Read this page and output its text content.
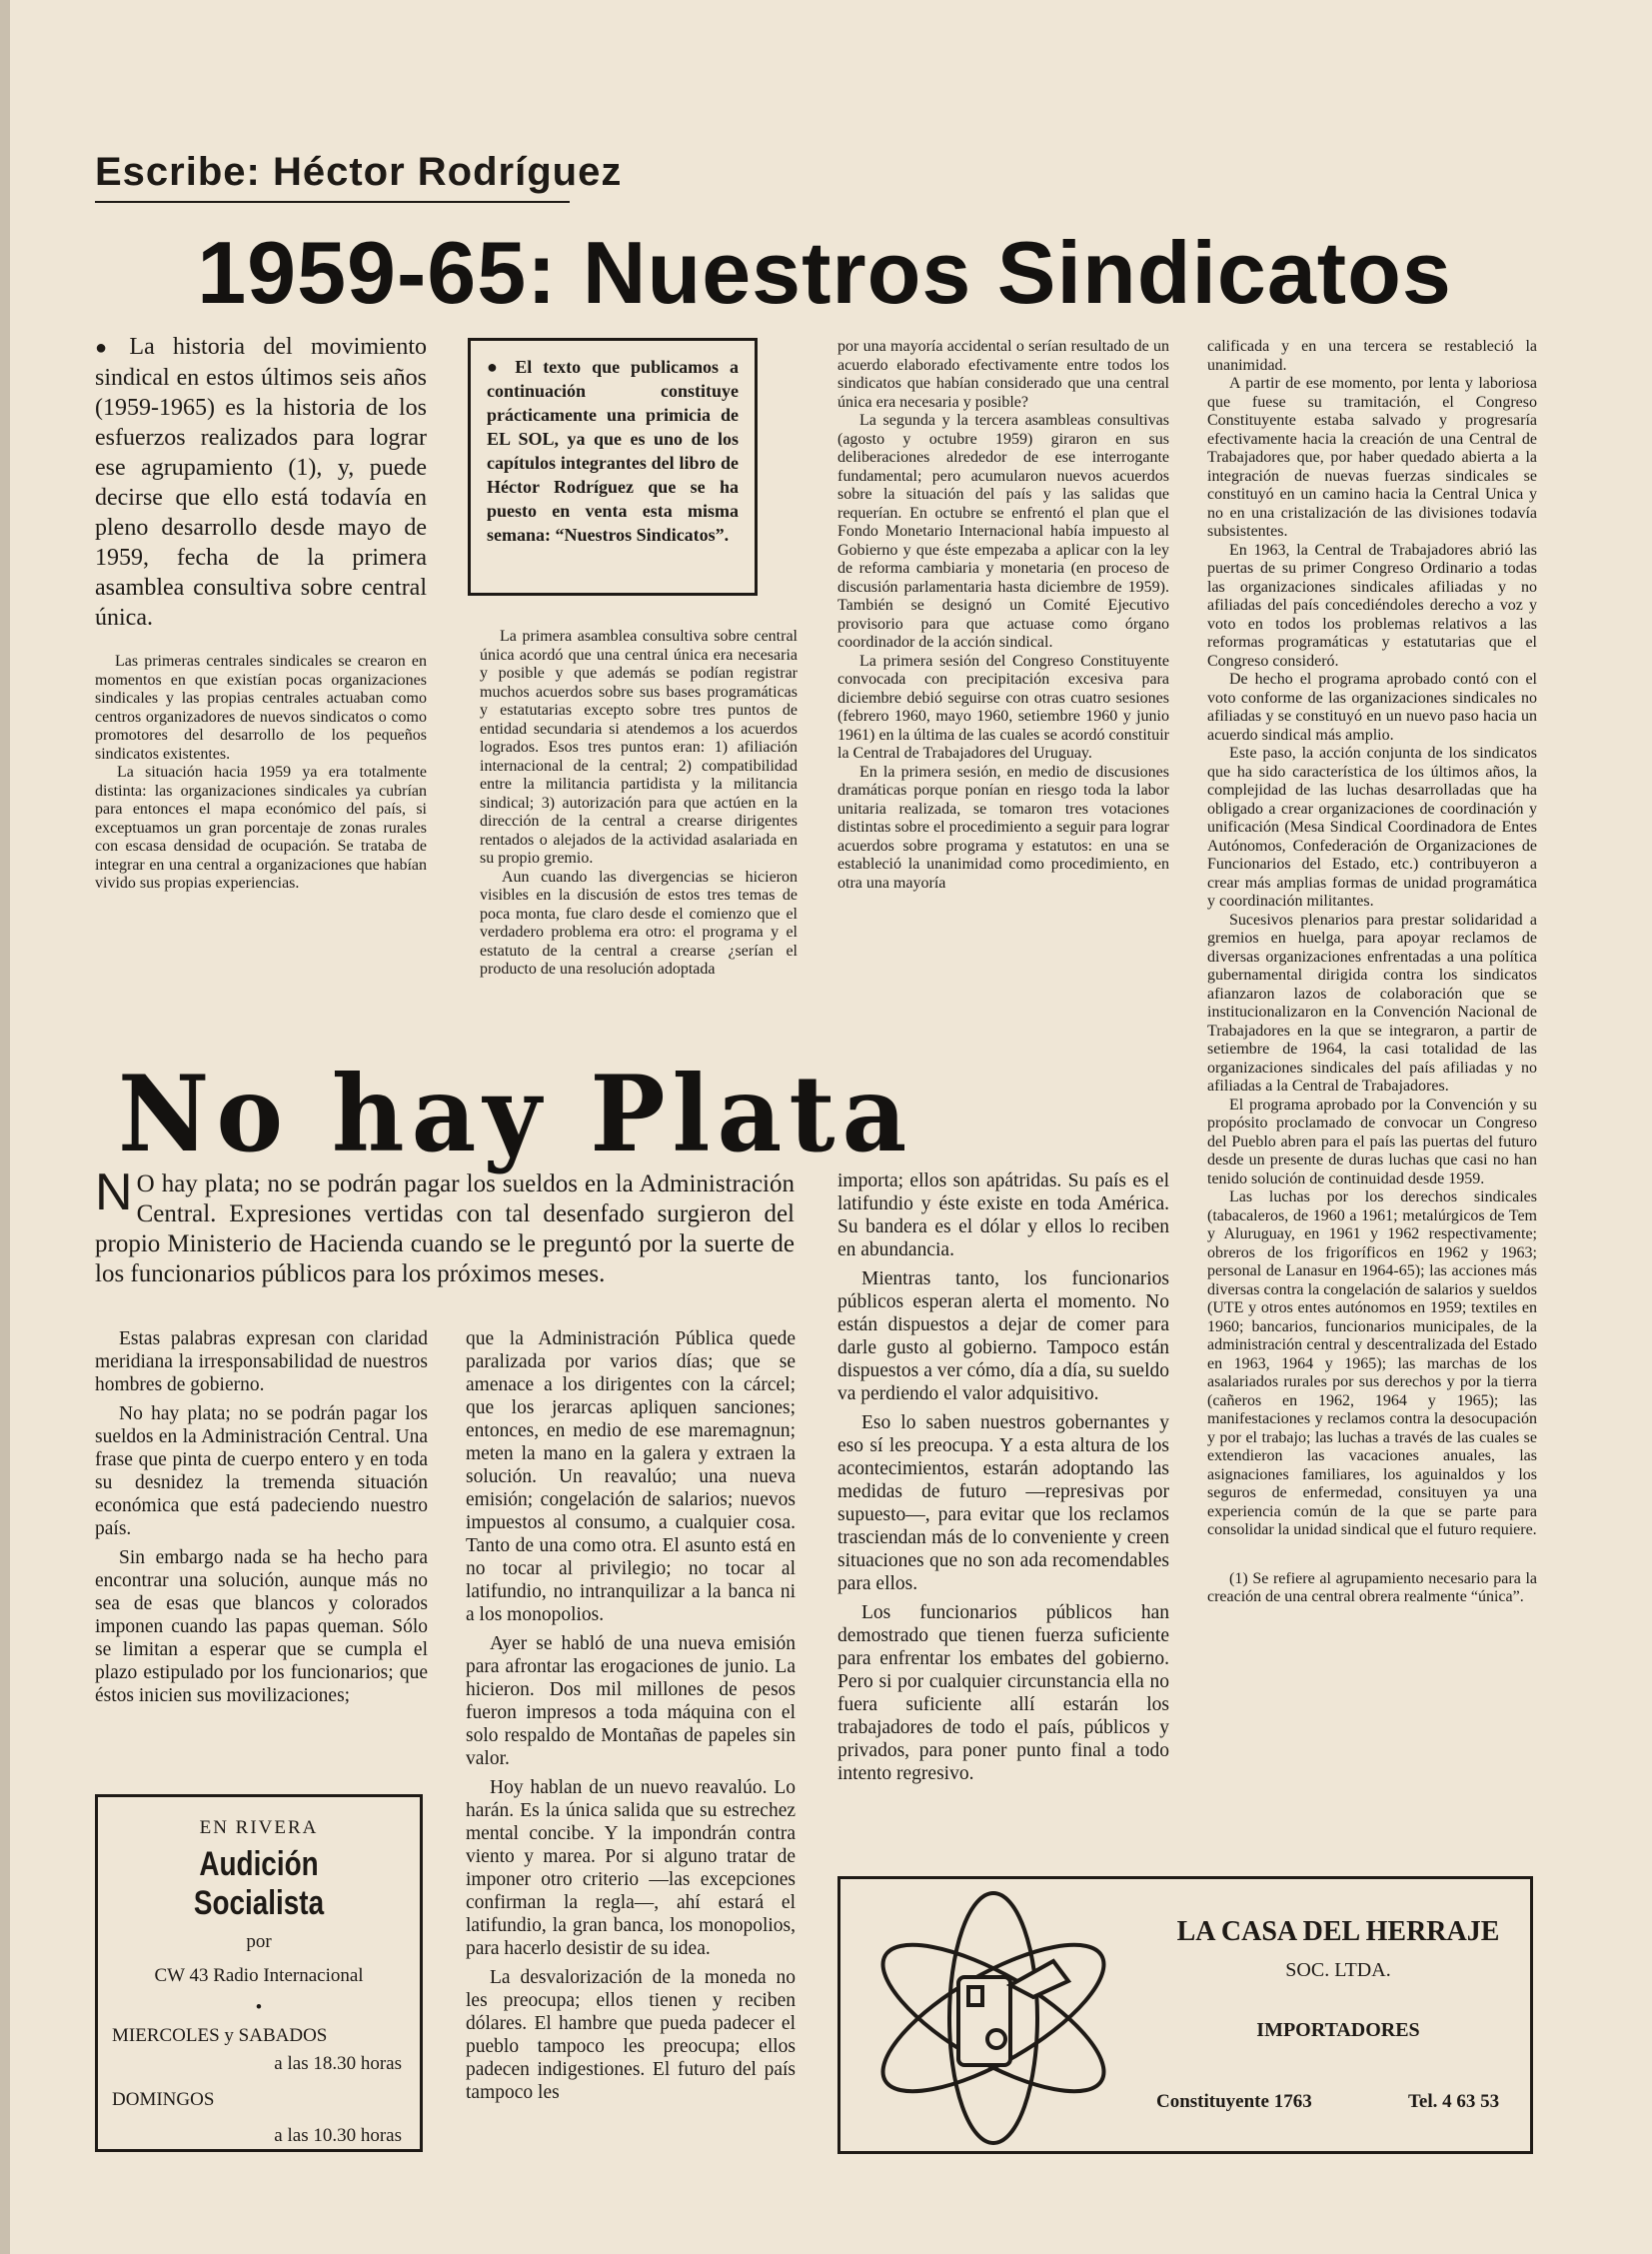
Escribe: Héctor Rodríguez
1959-65: Nuestros Sindicatos
● La historia del movimiento sindical en estos últimos seis años (1959-1965) es la historia de los esfuerzos realizados para lograr ese agrupamiento (1), y, puede decirse que ello está todavía en pleno desarrollo desde mayo de 1959, fecha de la primera asamblea consultiva sobre central única.

Las primeras centrales sindicales se crearon en momentos en que existían pocas organizaciones sindicales y las propias centrales actuaban como centros organizadores de nuevos sindicatos o como promotores del desarrollo de los pequeños sindicatos existentes.

La situación hacia 1959 ya era totalmente distinta: las organizaciones sindicales ya cubrían para entonces el mapa económico del país, si exceptuamos un gran porcentaje de zonas rurales con escasa densidad de ocupación. Se trataba de integrar en una central a organizaciones que habían vivido sus propias experiencias.

● El texto que publicamos a continuación constituye prácticamente una primicia de EL SOL, ya que es uno de los capítulos integrantes del libro de Héctor Rodríguez que se ha puesto en venta esta misma semana: “Nuestros Sindicatos”.

La primera asamblea consultiva sobre central única acordó que una central única era necesaria y posible y que además se podían registrar muchos acuerdos sobre sus bases programáticas y estatutarias excepto sobre tres puntos de entidad secundaria si atendemos a los acuerdos logrados. Esos tres puntos eran: 1) afiliación internacional de la central; 2) compatibilidad entre la militancia partidista y la militancia sindical; 3) autorización para que actúen en la dirección de la central a crearse dirigentes rentados o alejados de la actividad asalariada en su propio gremio.

Aun cuando las divergencias se hicieron visibles en la discusión de estos tres temas de poca monta, fue claro desde el comienzo que el verdadero problema era otro: el programa y el estatuto de la central a crearse ¿serían el producto de una resolución adoptada

por una mayoría accidental o serían resultado de un acuerdo elaborado efectivamente entre todos los sindicatos que habían considerado que una central única era necesaria y posible?

La segunda y la tercera asambleas consultivas (agosto y octubre 1959) giraron en sus deliberaciones alrededor de ese interrogante fundamental; pero acumularon nuevos acuerdos sobre la situación del país y las salidas que requerían. En octubre se enfrentó el plan que el Fondo Monetario Internacional había impuesto al Gobierno y que éste empezaba a aplicar con la ley de reforma cambiaria y monetaria (en proceso de discusión parlamentaria hasta diciembre de 1959). También se designó un Comité Ejecutivo provisorio para que actuase como órgano coordinador de la acción sindical.

La primera sesión del Congreso Constituyente convocada con precipitación excesiva para diciembre debió seguirse con otras cuatro sesiones (febrero 1960, mayo 1960, setiembre 1960 y junio 1961) en la última de las cuales se acordó constituir la Central de Trabajadores del Uruguay.

En la primera sesión, en medio de discusiones dramáticas porque ponían en riesgo toda la labor unitaria realizada, se tomaron tres votaciones distintas sobre el procedimiento a seguir para lograr acuerdos sobre programa y estatutos: en una se estableció la unanimidad como procedimiento, en otra una mayoría

calificada y en una tercera se restableció la unanimidad.

A partir de ese momento, por lenta y laboriosa que fuese su tramitación, el Congreso Constituyente estaba salvado y progresaría efectivamente hacia la creación de una Central de Trabajadores que, por haber quedado abierta a la integración de nuevas fuerzas sindicales se constituyó en un camino hacia la Central Unica y no en una cristalización de las divisiones todavía subsistentes.

En 1963, la Central de Trabajadores abrió las puertas de su primer Congreso Ordinario a todas las organizaciones sindicales afiliadas y no afiliadas del país concediéndoles derecho a voz y voto en todos los problemas relativos a las reformas programáticas y estatutarias que el Congreso consideró.

De hecho el programa aprobado contó con el voto conforme de las organizaciones sindicales no afiliadas y se constituyó en un nuevo paso hacia un acuerdo sindical más amplio.

Este paso, la acción conjunta de los sindicatos que ha sido característica de los últimos años, la complejidad de las luchas desarrolladas que ha obligado a crear organizaciones de coordinación y unificación (Mesa Sindical Coordinadora de Entes Autónomos, Confederación de Organizaciones de Funcionarios del Estado, etc.) contribuyeron a crear más amplias formas de unidad programática y coordinación militantes.

Sucesivos plenarios para prestar solidaridad a gremios en huelga, para apoyar reclamos de diversas organizaciones enfrentadas a una política gubernamental dirigida contra los sindicatos afianzaron lazos de colaboración que se institucionalizaron en la Convención Nacional de Trabajadores en la que se integraron, a partir de setiembre de 1964, la casi totalidad de las organizaciones sindicales del país afiliadas y no afiliadas a la Central de Trabajadores.

El programa aprobado por la Convención y su propósito proclamado de convocar un Congreso del Pueblo abren para el país las puertas del futuro desde un presente de duras luchas que casi no han tenido solución de continuidad desde 1959.

Las luchas por los derechos sindicales (tabacaleros, de 1960 a 1961; metalúrgicos de Tem y Aluruguay, en 1961 y 1962 respectivamente; obreros de los frigoríficos en 1962 y 1963; personal de Lanasur en 1964-65); las acciones más diversas contra la congelación de salarios y sueldos (UTE y otros entes autónomos en 1959; textiles en 1960; bancarios, funcionarios municipales, de la administración central y descentralizada del Estado en 1963, 1964 y 1965); las marchas de los asalariados rurales por sus derechos y por la tierra (cañeros en 1962, 1964 y 1965); las manifestaciones y reclamos contra la desocupación y por el trabajo; las luchas a través de las cuales se extendieron las vacaciones anuales, las asignaciones familiares, los aguinaldos y los seguros de enfermedad, consituyen ya una experiencia común de la que se parte para consolidar la unidad sindical que el futuro requiere.

(1) Se refiere al agrupamiento necesario para la creación de una central obrera realmente “única”.

No hay Plata
N O hay plata; no se podrán pagar los sueldos en la Administración Central. Expresiones vertidas con tal desenfado surgieron del propio Ministerio de Hacienda cuando se le preguntó por la suerte de los funcionarios públicos para los próximos meses.

Estas palabras expresan con claridad meridiana la irresponsabilidad de nuestros hombres de gobierno.

No hay plata; no se podrán pagar los sueldos en la Administración Central. Una frase que pinta de cuerpo entero y en toda su desnidez la tremenda situación económica que está padeciendo nuestro país.

Sin embargo nada se ha hecho para encontrar una solución, aunque más no sea de esas que blancos y colorados imponen cuando las papas queman. Sólo se limitan a esperar que se cumpla el plazo estipulado por los funcionarios; que éstos inicien sus movilizaciones;

que la Administración Pública quede paralizada por varios días; que se amenace a los dirigentes con la cárcel; que los jerarcas apliquen sanciones; entonces, en medio de ese maremagnun; meten la mano en la galera y extraen la solución. Un reavalúo; una nueva emisión; congelación de salarios; nuevos impuestos al consumo, a cualquier cosa. Tanto de una como otra. El asunto está en no tocar al privilegio; no tocar al latifundio, no intranquilizar a la banca ni a los monopolios.

Ayer se habló de una nueva emisión para afrontar las erogaciones de junio. La hicieron. Dos mil millones de pesos fueron impresos a toda máquina con el solo respaldo de Montañas de papeles sin valor.

Hoy hablan de un nuevo reavalúo. Lo harán. Es la única salida que su estrechez mental concibe. Y la impondrán contra viento y marea. Por si alguno tratar de imponer otro criterio —las excepciones confirman la regla—, ahí estará el latifundio, la gran banca, los monopolios, para hacerlo desistir de su idea.

La desvalorización de la moneda no les preocupa; ellos tienen y reciben dólares. El hambre que pueda padecer el pueblo tampoco les preocupa; ellos padecen indigestiones. El futuro del país tampoco les

importa; ellos son apátridas. Su país es el latifundio y éste existe en toda América. Su bandera es el dólar y ellos lo reciben en abundancia.

Mientras tanto, los funcionarios públicos esperan alerta el momento. No están dispuestos a dejar de comer para darle gusto al gobierno. Tampoco están dispuestos a ver cómo, día a día, su sueldo va perdiendo el valor adquisitivo.

Eso lo saben nuestros gobernantes y eso sí les preocupa. Y a esta altura de los acontecimientos, estarán adoptando las medidas de futuro —represivas por supuesto—, para evitar que los reclamos trasciendan más de lo conveniente y creen situaciones que no son ada recomendables para ellos.

Los funcionarios públicos han demostrado que tienen fuerza suficiente para enfrentar los embates del gobierno. Pero si por cualquier circunstancia ella no fuera suficiente allí estarán los trabajadores de todo el país, públicos y privados, para poner punto final a todo intento regresivo.

EN RIVERA
Audición Socialista
por
CW 43 Radio Internacional
•
MIERCOLES y SABADOS
a las 18.30 horas
DOMINGOS
a las 10.30 horas
LA CASA DEL HERRAJE
SOC. LTDA.
IMPORTADORES
Constituyente 1763	Tel. 4 63 53
